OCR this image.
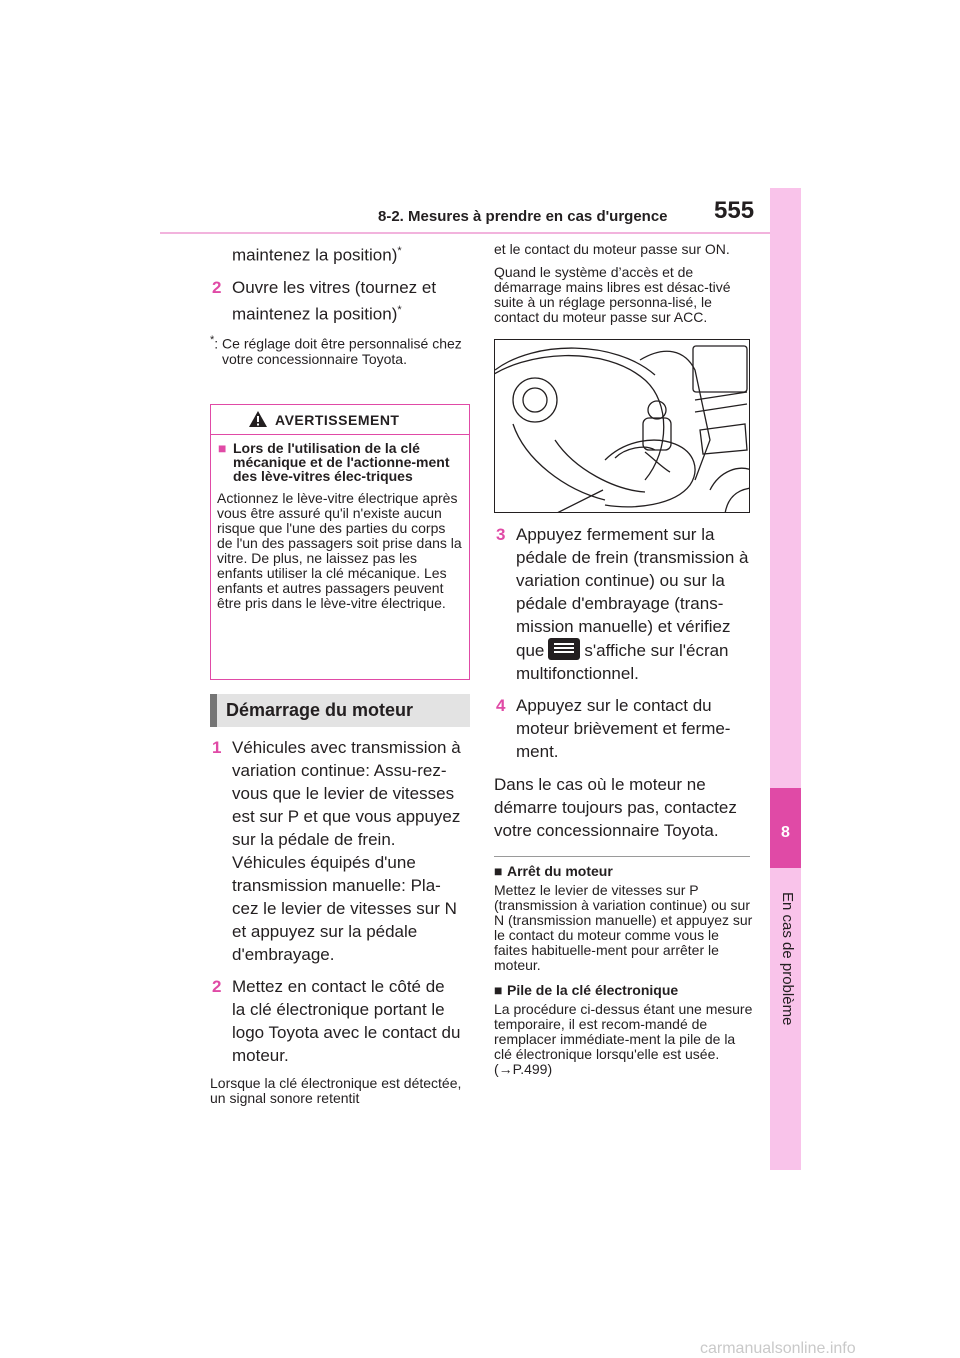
8-2. Mesures à prendre en cas d'urgence 555
8
En cas de problème
maintenez la position)*
2 Ouvre les vitres (tournez et maintenez la position)*
*: Ce réglage doit être personnalisé chez votre concessionnaire Toyota.
AVERTISSEMENT
■ Lors de l'utilisation de la clé mécanique et de l'actionne-ment des lève-vitres élec-triques
Actionnez le lève-vitre électrique après vous être assuré qu'il n'existe aucun risque que l'une des parties du corps de l'un des passagers soit prise dans la vitre. De plus, ne laissez pas les enfants utiliser la clé mécanique. Les enfants et autres passagers peuvent être pris dans le lève-vitre électrique.
Démarrage du moteur
1 Véhicules avec transmission à variation continue: Assu-rez-vous que le levier de vitesses est sur P et que vous appuyez sur la pédale de frein.
Véhicules équipés d'une transmission manuelle: Pla-cez le levier de vitesses sur N et appuyez sur la pédale d'embrayage.
2 Mettez en contact le côté de la clé électronique portant le logo Toyota avec le contact du moteur.
Lorsque la clé électronique est détectée, un signal sonore retentit
et le contact du moteur passe sur ON.
Quand le système d’accès et de démarrage mains libres est désac-tivé suite à un réglage personna-lisé, le contact du moteur passe sur ACC.
3 Appuyez fermement sur la pédale de frein (transmission à variation continue) ou sur la pédale d'embrayage (trans-mission manuelle) et vérifiez que s'affiche sur l'écran multifonctionnel.
4 Appuyez sur le contact du moteur brièvement et ferme-ment.
Dans le cas où le moteur ne démarre toujours pas, contactez votre concessionnaire Toyota.
■ Arrêt du moteur
Mettez le levier de vitesses sur P (transmission à variation continue) ou sur N (transmission manuelle) et appuyez sur le contact du moteur comme vous le faites habituelle-ment pour arrêter le moteur.
■ Pile de la clé électronique
La procédure ci-dessus étant une mesure temporaire, il est recom-mandé de remplacer immédiate-ment la pile de la clé électronique lorsqu'elle est usée. (→P.499)
carmanualsonline.info
